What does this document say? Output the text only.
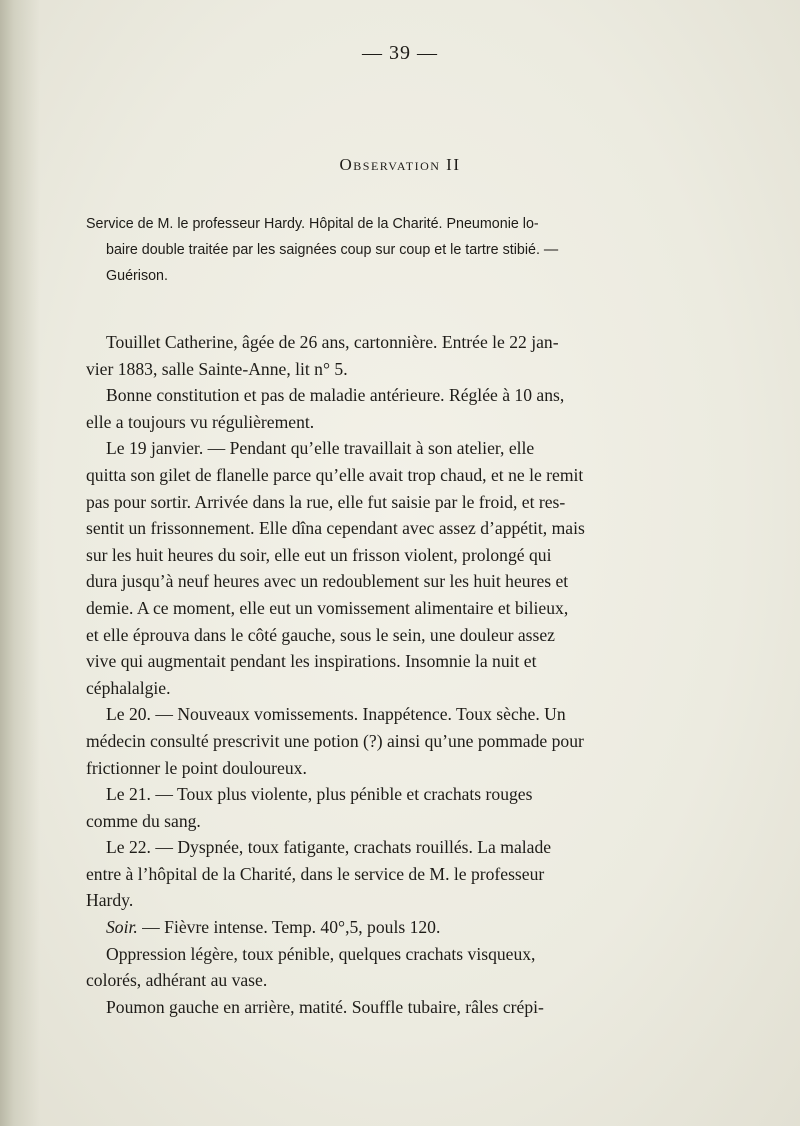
— 39 —
Observation II
Service de M. le professeur Hardy. Hôpital de la Charité. Pneumonie lo-
baire double traitée par les saignées coup sur coup et le tartre stibié. —
Guérison.
Touillet Catherine, âgée de 26 ans, cartonnière. Entrée le 22 jan-
vier 1883, salle Sainte-Anne, lit n° 5.
Bonne constitution et pas de maladie antérieure. Réglée à 10 ans,
elle a toujours vu régulièrement.
Le 19 janvier. — Pendant qu’elle travaillait à son atelier, elle
quitta son gilet de flanelle parce qu’elle avait trop chaud, et ne le remit
pas pour sortir. Arrivée dans la rue, elle fut saisie par le froid, et res-
sentit un frissonnement. Elle dîna cependant avec assez d’appétit, mais
sur les huit heures du soir, elle eut un frisson violent, prolongé qui
dura jusqu’à neuf heures avec un redoublement sur les huit heures et
demie. A ce moment, elle eut un vomissement alimentaire et bilieux,
et elle éprouva dans le côté gauche, sous le sein, une douleur assez
vive qui augmentait pendant les inspirations. Insomnie la nuit et
céphalalgie.
Le 20. — Nouveaux vomissements. Inappétence. Toux sèche. Un
médecin consulté prescrivit une potion (?) ainsi qu’une pommade pour
frictionner le point douloureux.
Le 21. — Toux plus violente, plus pénible et crachats rouges
comme du sang.
Le 22. — Dyspnée, toux fatigante, crachats rouillés. La malade
entre à l’hôpital de la Charité, dans le service de M. le professeur
Hardy.
Soir. — Fièvre intense. Temp. 40°,5, pouls 120.
Oppression légère, toux pénible, quelques crachats visqueux,
colorés, adhérant au vase.
Poumon gauche en arrière, matité. Souffle tubaire, râles crépi-
